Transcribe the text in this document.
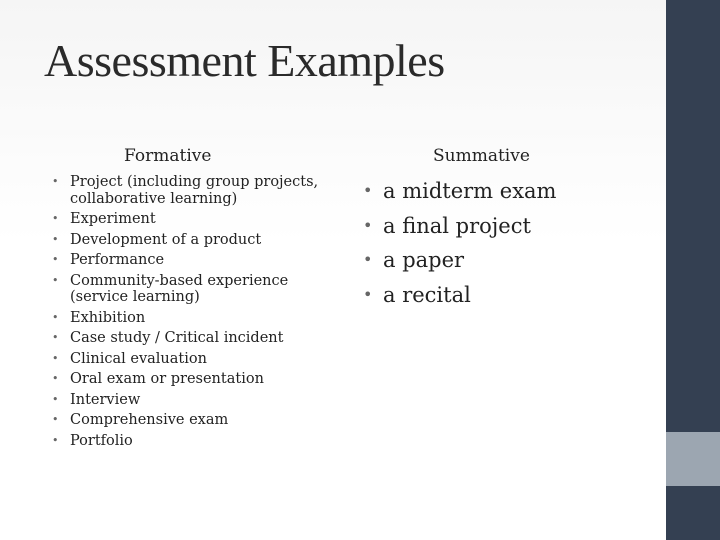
Assessment Examples
Formative	Summative
• Project (including group projects, collaborative learning)
• Experiment
• Development of a product
• Performance
• Community-based experience (service learning)
• Exhibition
• Case study / Critical incident
• Clinical evaluation
• Oral exam or presentation
• Interview
• Comprehensive exam
• Portfolio
• a midterm exam
• a final project
• a paper
• a recital
